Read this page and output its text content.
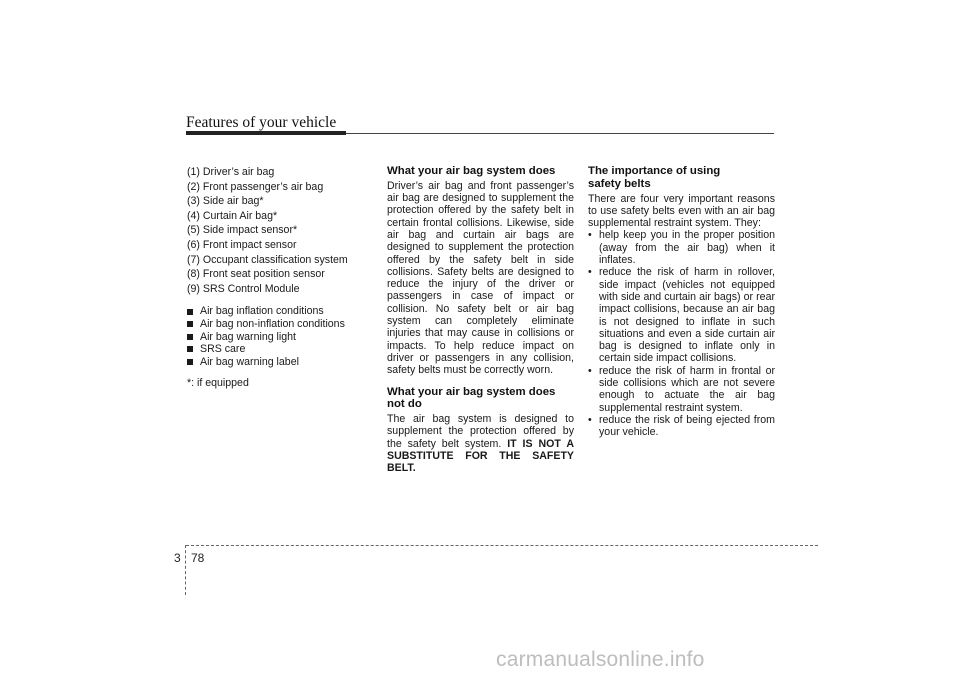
Features of your vehicle

(1) Driver’s air bag

(2) Front passenger’s air bag

(3) Side air bag*

(4) Curtain Air bag*

(5) Side impact sensor*

(6) Front impact sensor

(7) Occupant classification system

(8) Front seat position sensor

(9) SRS Control Module

Air bag inflation conditions
Air bag non-inflation conditions
Air bag warning light
SRS care
Air bag warning label

*: if equipped

What your air bag system does

Driver’s air bag and front passenger’s air bag are designed to supplement the protection offered by the safety belt in certain frontal collisions. Likewise, side air bag and curtain air bags are designed to supplement the protection offered by the safety belt in side collisions. Safety belts are designed to reduce the injury of the driver or passengers in case of impact or collision. No safety belt or air bag system can completely eliminate injuries that may cause in collisions or impacts. To help reduce impact on driver or passengers in any collision, safety belts must be correctly worn.

What your air bag system does
not do

The air bag system is designed to supplement the protection offered by the safety belt system. IT IS NOT A SUBSTITUTE FOR THE SAFETY BELT.

The importance of using
safety belts

There are four very important reasons to use safety belts even with an air bag supplemental restraint system. They:

• help keep you in the proper position (away from the air bag) when it inflates.
• reduce the risk of harm in rollover, side impact (vehicles not equipped with side and curtain air bags) or rear impact collisions, because an air bag is not designed to inflate in such situations and even a side curtain air bag is designed to inflate only in certain side impact collisions.
• reduce the risk of harm in frontal or side collisions which are not severe enough to actuate the air bag supplemental restraint system.
• reduce the risk of being ejected from your vehicle.
3 78
carmanualsonline.info
